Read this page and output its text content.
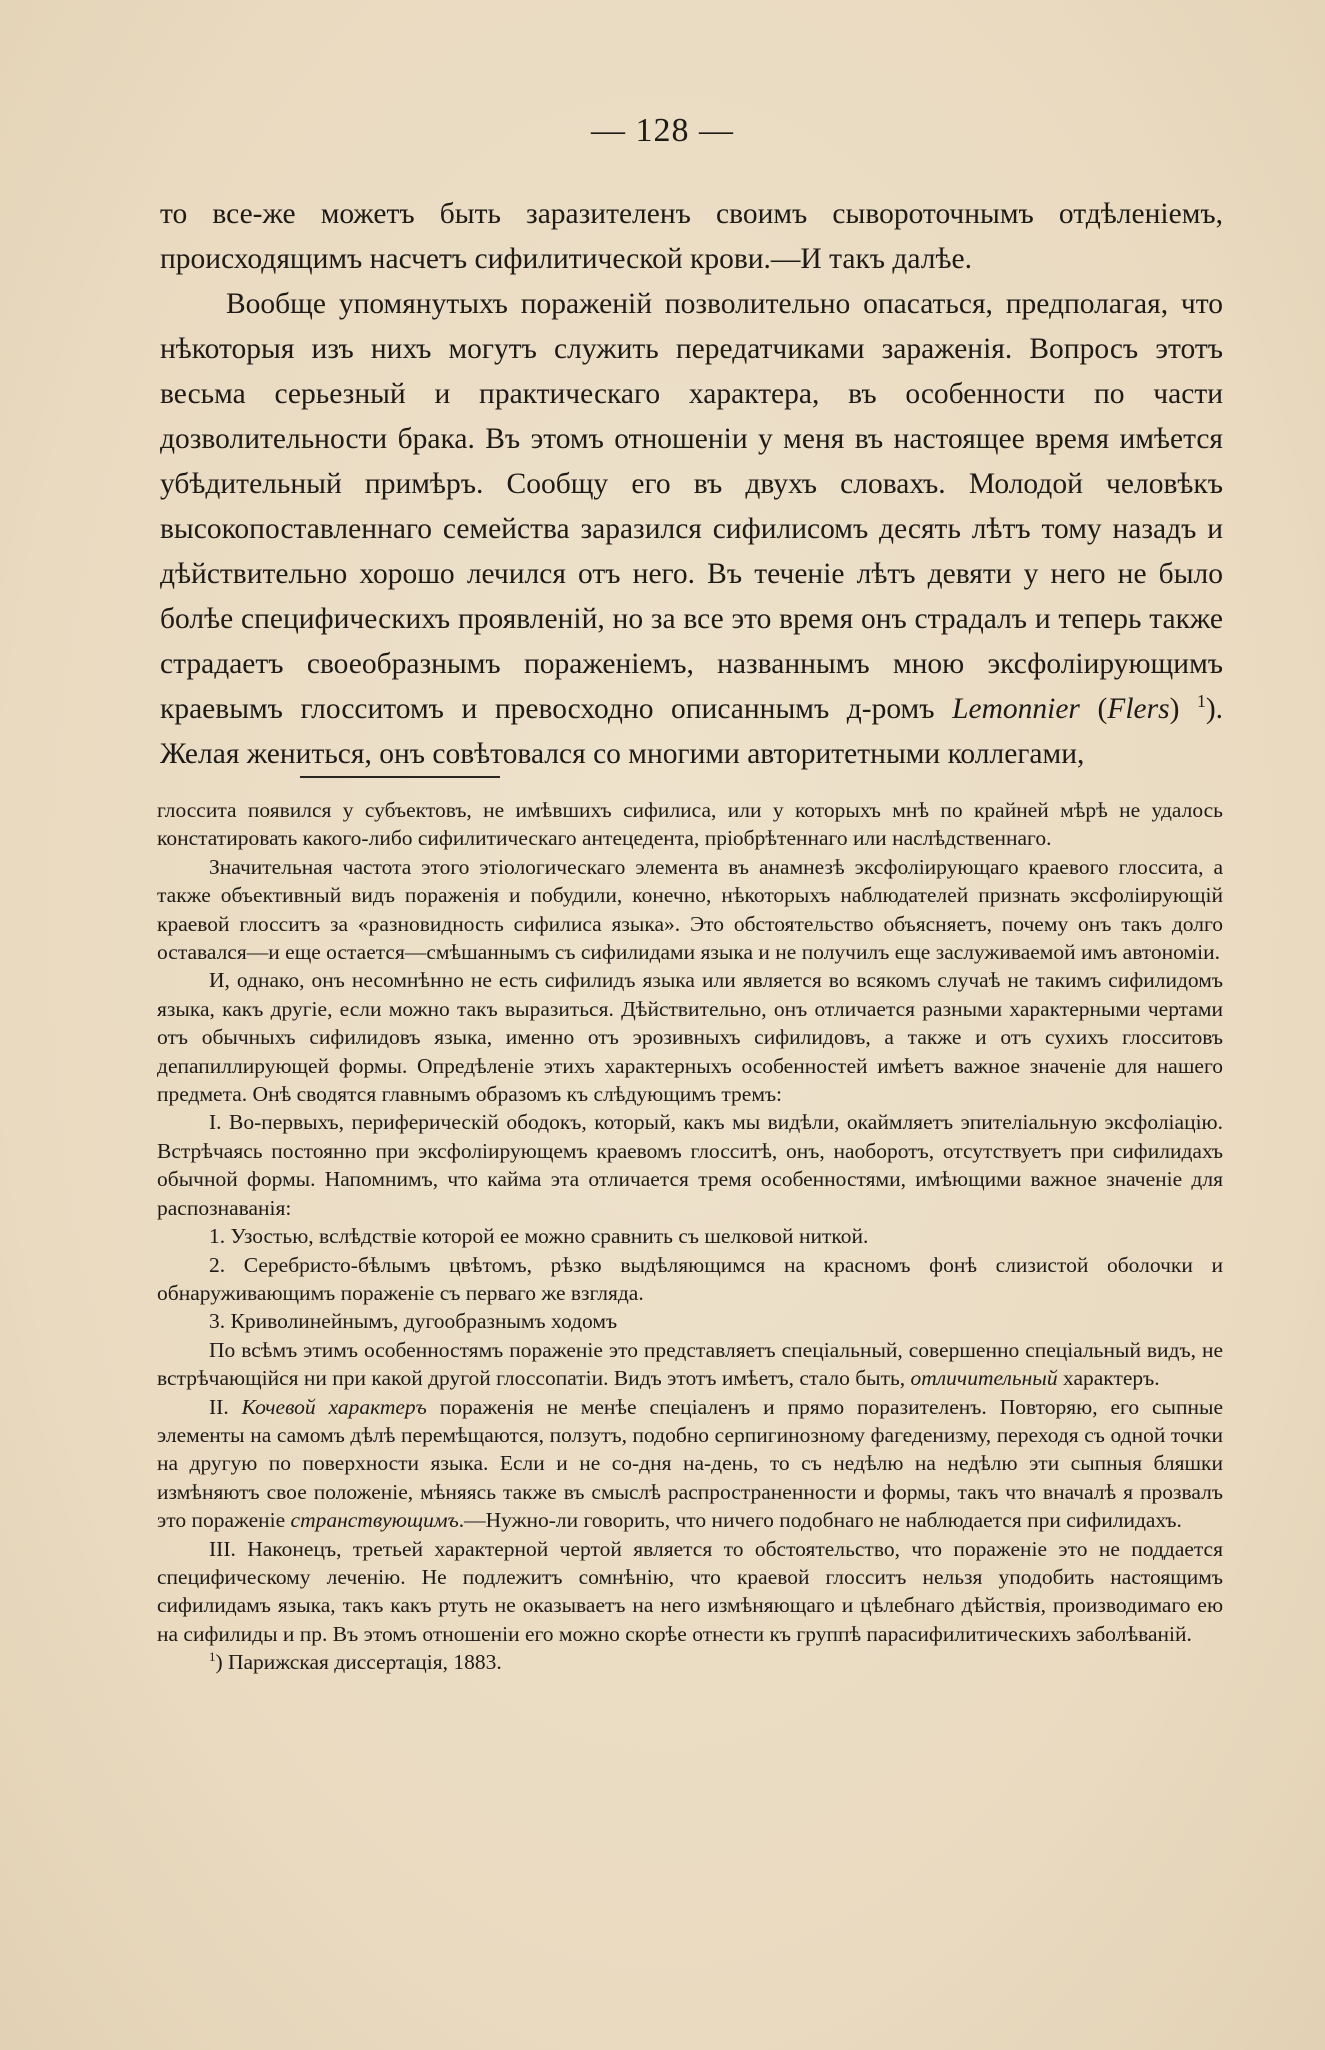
— 128 —

то все-же можетъ быть заразителенъ своимъ сывороточнымъ отдѣленіемъ, происходящимъ насчетъ сифилитической крови.—И такъ далѣе.

Вообще упомянутыхъ пораженій позволительно опасаться, предполагая, что нѣкоторыя изъ нихъ могутъ служить передатчиками зараженія. Вопросъ этотъ весьма серьезный и практическаго характера, въ особенности по части дозволительности брака. Въ этомъ отношеніи у меня въ настоящее время имѣется убѣдительный примѣръ. Сообщу его въ двухъ словахъ. Молодой человѣкъ высокопоставленнаго семейства заразился сифилисомъ десять лѣтъ тому назадъ и дѣйствительно хорошо лечился отъ него. Въ теченіе лѣтъ девяти у него не было болѣе специфическихъ проявленій, но за все это время онъ страдалъ и теперь также страдаетъ своеобразнымъ пораженіемъ, названнымъ мною эксфоліирующимъ краевымъ глосситомъ и превосходно описаннымъ д-ромъ Lemonnier (Flers) $^1$). Желая жениться, онъ совѣтовался со многими авторитетными коллегами,

глоссита появился у субъектовъ, не имѣвшихъ сифилиса, или у которыхъ мнѣ по крайней мѣрѣ не удалось констатировать какого-либо сифилитическаго антецедента, пріобрѣтеннаго или наслѣдственнаго.

Значительная частота этого этіологическаго элемента въ анамнезѣ эксфоліирующаго краевого глоссита, а также объективный видъ пораженія и побудили, конечно, нѣкоторыхъ наблюдателей признать эксфоліирующій краевой глосситъ за «разновидность сифилиса языка». Это обстоятельство объясняетъ, почему онъ такъ долго оставался—и еще остается—смѣшаннымъ съ сифилидами языка и не получилъ еще заслуживаемой имъ автономіи.

И, однако, онъ несомнѣнно не есть сифилидъ языка или является во всякомъ случаѣ не такимъ сифилидомъ языка, какъ другіе, если можно такъ выразиться. Дѣйствительно, онъ отличается разными характерными чертами отъ обычныхъ сифилидовъ языка, именно отъ эрозивныхъ сифилидовъ, а также и отъ сухихъ глосситовъ депапиллирующей формы. Опредѣленіе этихъ характерныхъ особенностей имѣетъ важное значеніе для нашего предмета. Онѣ сводятся главнымъ образомъ къ слѣдующимъ тремъ:

I. Во-первыхъ, периферическій ободокъ, который, какъ мы видѣли, окаймляетъ эпителіальную эксфоліацію. Встрѣчаясь постоянно при эксфоліирующемъ краевомъ глосситѣ, онъ, наоборотъ, отсутствуетъ при сифилидахъ обычной формы. Напомнимъ, что кайма эта отличается тремя особенностями, имѣющими важное значеніе для распознаванія:

1. Узостью, вслѣдствіе которой ее можно сравнить съ шелковой ниткой.

2. Серебристо-бѣлымъ цвѣтомъ, рѣзко выдѣляющимся на красномъ фонѣ слизистой оболочки и обнаруживающимъ пораженіе съ перваго же взгляда.

3. Криволинейнымъ, дугообразнымъ ходомъ

По всѣмъ этимъ особенностямъ пораженіе это представляетъ спеціальный, совершенно спеціальный видъ, не встрѣчающійся ни при какой другой глоссопатіи. Видъ этотъ имѣетъ, стало быть, отличительный характеръ.

II. Кочевой характеръ пораженія не менѣе спеціаленъ и прямо поразителенъ. Повторяю, его сыпные элементы на самомъ дѣлѣ перемѣщаются, ползутъ, подобно серпигинозному фагеденизму, переходя съ одной точки на другую по поверхности языка. Если и не со-дня на-день, то съ недѣлю на недѣлю эти сыпныя бляшки измѣняютъ свое положеніе, мѣняясь также въ смыслѣ распространенности и формы, такъ что вначалѣ я прозвалъ это пораженіе странствующимъ.—Нужно-ли говорить, что ничего подобнаго не наблюдается при сифилидахъ.

III. Наконецъ, третьей характерной чертой является то обстоятельство, что пораженіе это не поддается специфическому леченію. Не подлежитъ сомнѣнію, что краевой глосситъ нельзя уподобить настоящимъ сифилидамъ языка, такъ какъ ртуть не оказываетъ на него измѣняющаго и цѣлебнаго дѣйствія, производимаго ею на сифилиды и пр. Въ этомъ отношеніи его можно скорѣе отнести къ группѣ парасифилитическихъ заболѣваній.

$^1$) Парижская диссертація, 1883.
